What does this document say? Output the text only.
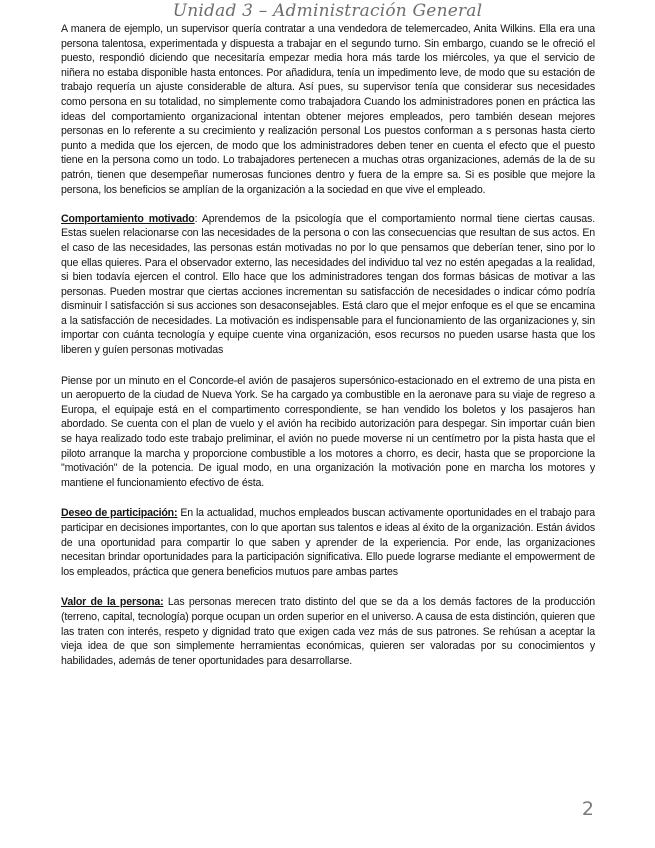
Unidad 3 – Administración General

A manera de ejemplo, un supervisor quería contratar a una vendedora de telemercadeo, Anita Wilkins. Ella era una persona talentosa, experimentada y dispuesta a trabajar en el segundo turno. Sin embargo, cuando se le ofreció el puesto, respondió diciendo que necesitaría empezar media hora más tarde los miércoles, ya que el servicio de niñera no estaba disponible hasta entonces. Por añadidura, tenía un impedimento leve, de modo que su estación de trabajo requería un ajuste considerable de altura. Así pues, su supervisor tenía que considerar sus necesidades como persona en su totalidad, no simplemente como trabajadora Cuando los administradores ponen en práctica las ideas del comportamiento organizacional intentan obtener mejores empleados, pero también desean mejores personas en lo referente a su crecimiento y realización personal Los puestos conforman a s personas hasta cierto punto a medida que los ejercen, de modo que los administradores deben tener en cuenta el efecto que el puesto tiene en la persona como un todo. Lo trabajadores pertenecen a muchas otras organizaciones, además de la de su patrón, tienen que desempeñar numerosas funciones dentro y fuera de la empre sa. Si es posible que mejore la persona, los beneficios se amplían de la organización a la sociedad en que vive el empleado.

Comportamiento motivado: Aprendemos de la psicología que el comportamiento normal tiene ciertas causas. Estas suelen relacionarse con las necesidades de la persona o con las consecuencias que resultan de sus actos. En el caso de las necesidades, las personas están motivadas no por lo que pensamos que deberían tener, sino por lo que ellas quieres. Para el observador externo, las necesidades del individuo tal vez no estén apegadas a la realidad, si bien todavía ejercen el control. Ello hace que los administradores tengan dos formas básicas de motivar a las personas. Pueden mostrar que ciertas acciones incrementan su satisfacción de necesidades o indicar cómo podría disminuir l satisfacción si sus acciones son desaconsejables. Está claro que el mejor enfoque es el que se encamina a la satisfacción de necesidades. La motivación es indispensable para el funcionamiento de las organizaciones y, sin importar con cuánta tecnología y equipe cuente vina organización, esos recursos no pueden usarse hasta que los liberen y guíen personas motivadas

Piense por un minuto en el Concorde-el avión de pasajeros supersónico-estacionado en el extremo de una pista en un aeropuerto de la ciudad de Nueva York. Se ha cargado ya combustible en la aeronave para su viaje de regreso a Europa, el equipaje está en el compartimento correspondiente, se han vendido los boletos y los pasajeros han abordado. Se cuenta con el plan de vuelo y el avión ha recibido autorización para despegar. Sin importar cuán bien se haya realizado todo este trabajo preliminar, el avión no puede moverse ni un centímetro por la pista hasta que el piloto arranque la marcha y proporcione combustible a los motores a chorro, es decir, hasta que se proporcione la "motivación" de la potencia. De igual modo, en una organización la motivación pone en marcha los motores y mantiene el funcionamiento efectivo de ésta.

Deseo de participación: En la actualidad, muchos empleados buscan activamente oportunidades en el trabajo para participar en decisiones importantes, con lo que aportan sus talentos e ideas al éxito de la organización. Están ávidos de una oportunidad para compartir lo que saben y aprender de la experiencia. Por ende, las organizaciones necesitan brindar oportunidades para la participación significativa. Ello puede lograrse mediante el empowerment de los empleados, práctica que genera beneficios mutuos pare ambas partes

Valor de la persona: Las personas merecen trato distinto del que se da a los demás factores de la producción (terreno, capital, tecnología) porque ocupan un orden superior en el universo. A causa de esta distinción, quieren que las traten con interés, respeto y dignidad trato que exigen cada vez más de sus patrones. Se rehúsan a aceptar la vieja idea de que son simplemente herramientas económicas, quieren ser valoradas por su conocimientos y habilidades, además de tener oportunidades para desarrollarse.

2
